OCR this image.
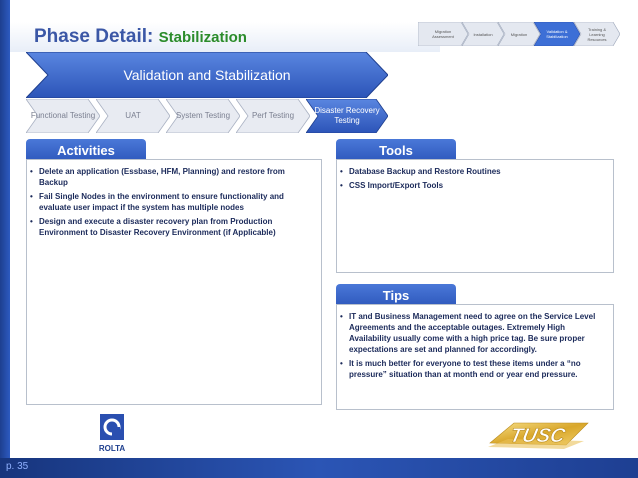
Phase Detail: Stabilization	Migration Assessment	Installation	Migration	Validation & Stabilization
Training & Learning Resources
Validation and Stabilization
Functional Testing	UAT	System Testing	Perf Testing
Disaster Recovery Testing
Activities
• Delete an application (Essbase, HFM, Planning) and restore from Backup
• Fail Single Nodes in the environment to ensure functionality and evaluate user impact if the system has multiple nodes
• Design and execute a disaster recovery plan from Production Environment to Disaster Recovery Environment (if Applicable)
Tools
• Database Backup and Restore Routines
• CSS Import/Export Tools
Tips
• IT and Business Management need to agree on the Service Level Agreements and the acceptable outages. Extremely High Availability usually come with a high price tag. Be sure proper expectations are set and planned for accordingly.
• It is much better for everyone to test these items under a “no pressure” situation than at month end or year end pressure.
ROLTA
TUSC
p. 35
